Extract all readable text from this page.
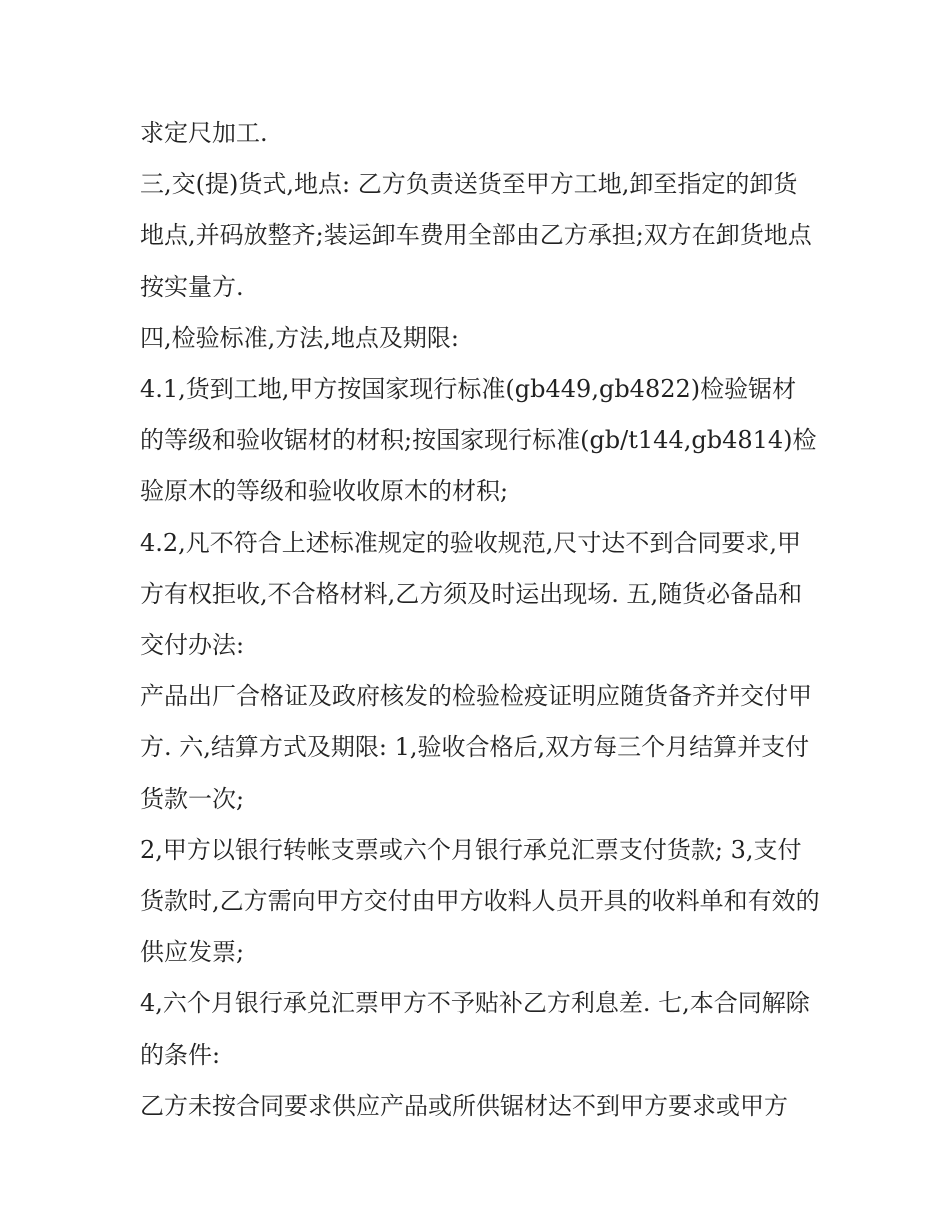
求定尺加工.

三,交(提)货式,地点: 乙方负责送货至甲方工地,卸至指定的卸货地点,并码放整齐;装运卸车费用全部由乙方承担;双方在卸货地点按实量方.

四,检验标准,方法,地点及期限:

4.1,货到工地,甲方按国家现行标准(gb449,gb4822)检验锯材的等级和验收锯材的材积;按国家现行标准(gb/t144,gb4814)检验原木的等级和验收收原木的材积;

4.2,凡不符合上述标准规定的验收规范,尺寸达不到合同要求,甲方有权拒收,不合格材料,乙方须及时运出现场. 五,随货必备品和交付办法:

产品出厂合格证及政府核发的检验检疫证明应随货备齐并交付甲方. 六,结算方式及期限: 1,验收合格后,双方每三个月结算并支付货款一次;

2,甲方以银行转帐支票或六个月银行承兑汇票支付货款; 3,支付货款时,乙方需向甲方交付由甲方收料人员开具的收料单和有效的供应发票;

4,六个月银行承兑汇票甲方不予贴补乙方利息差. 七,本合同解除的条件:

乙方未按合同要求供应产品或所供锯材达不到甲方要求或甲方
